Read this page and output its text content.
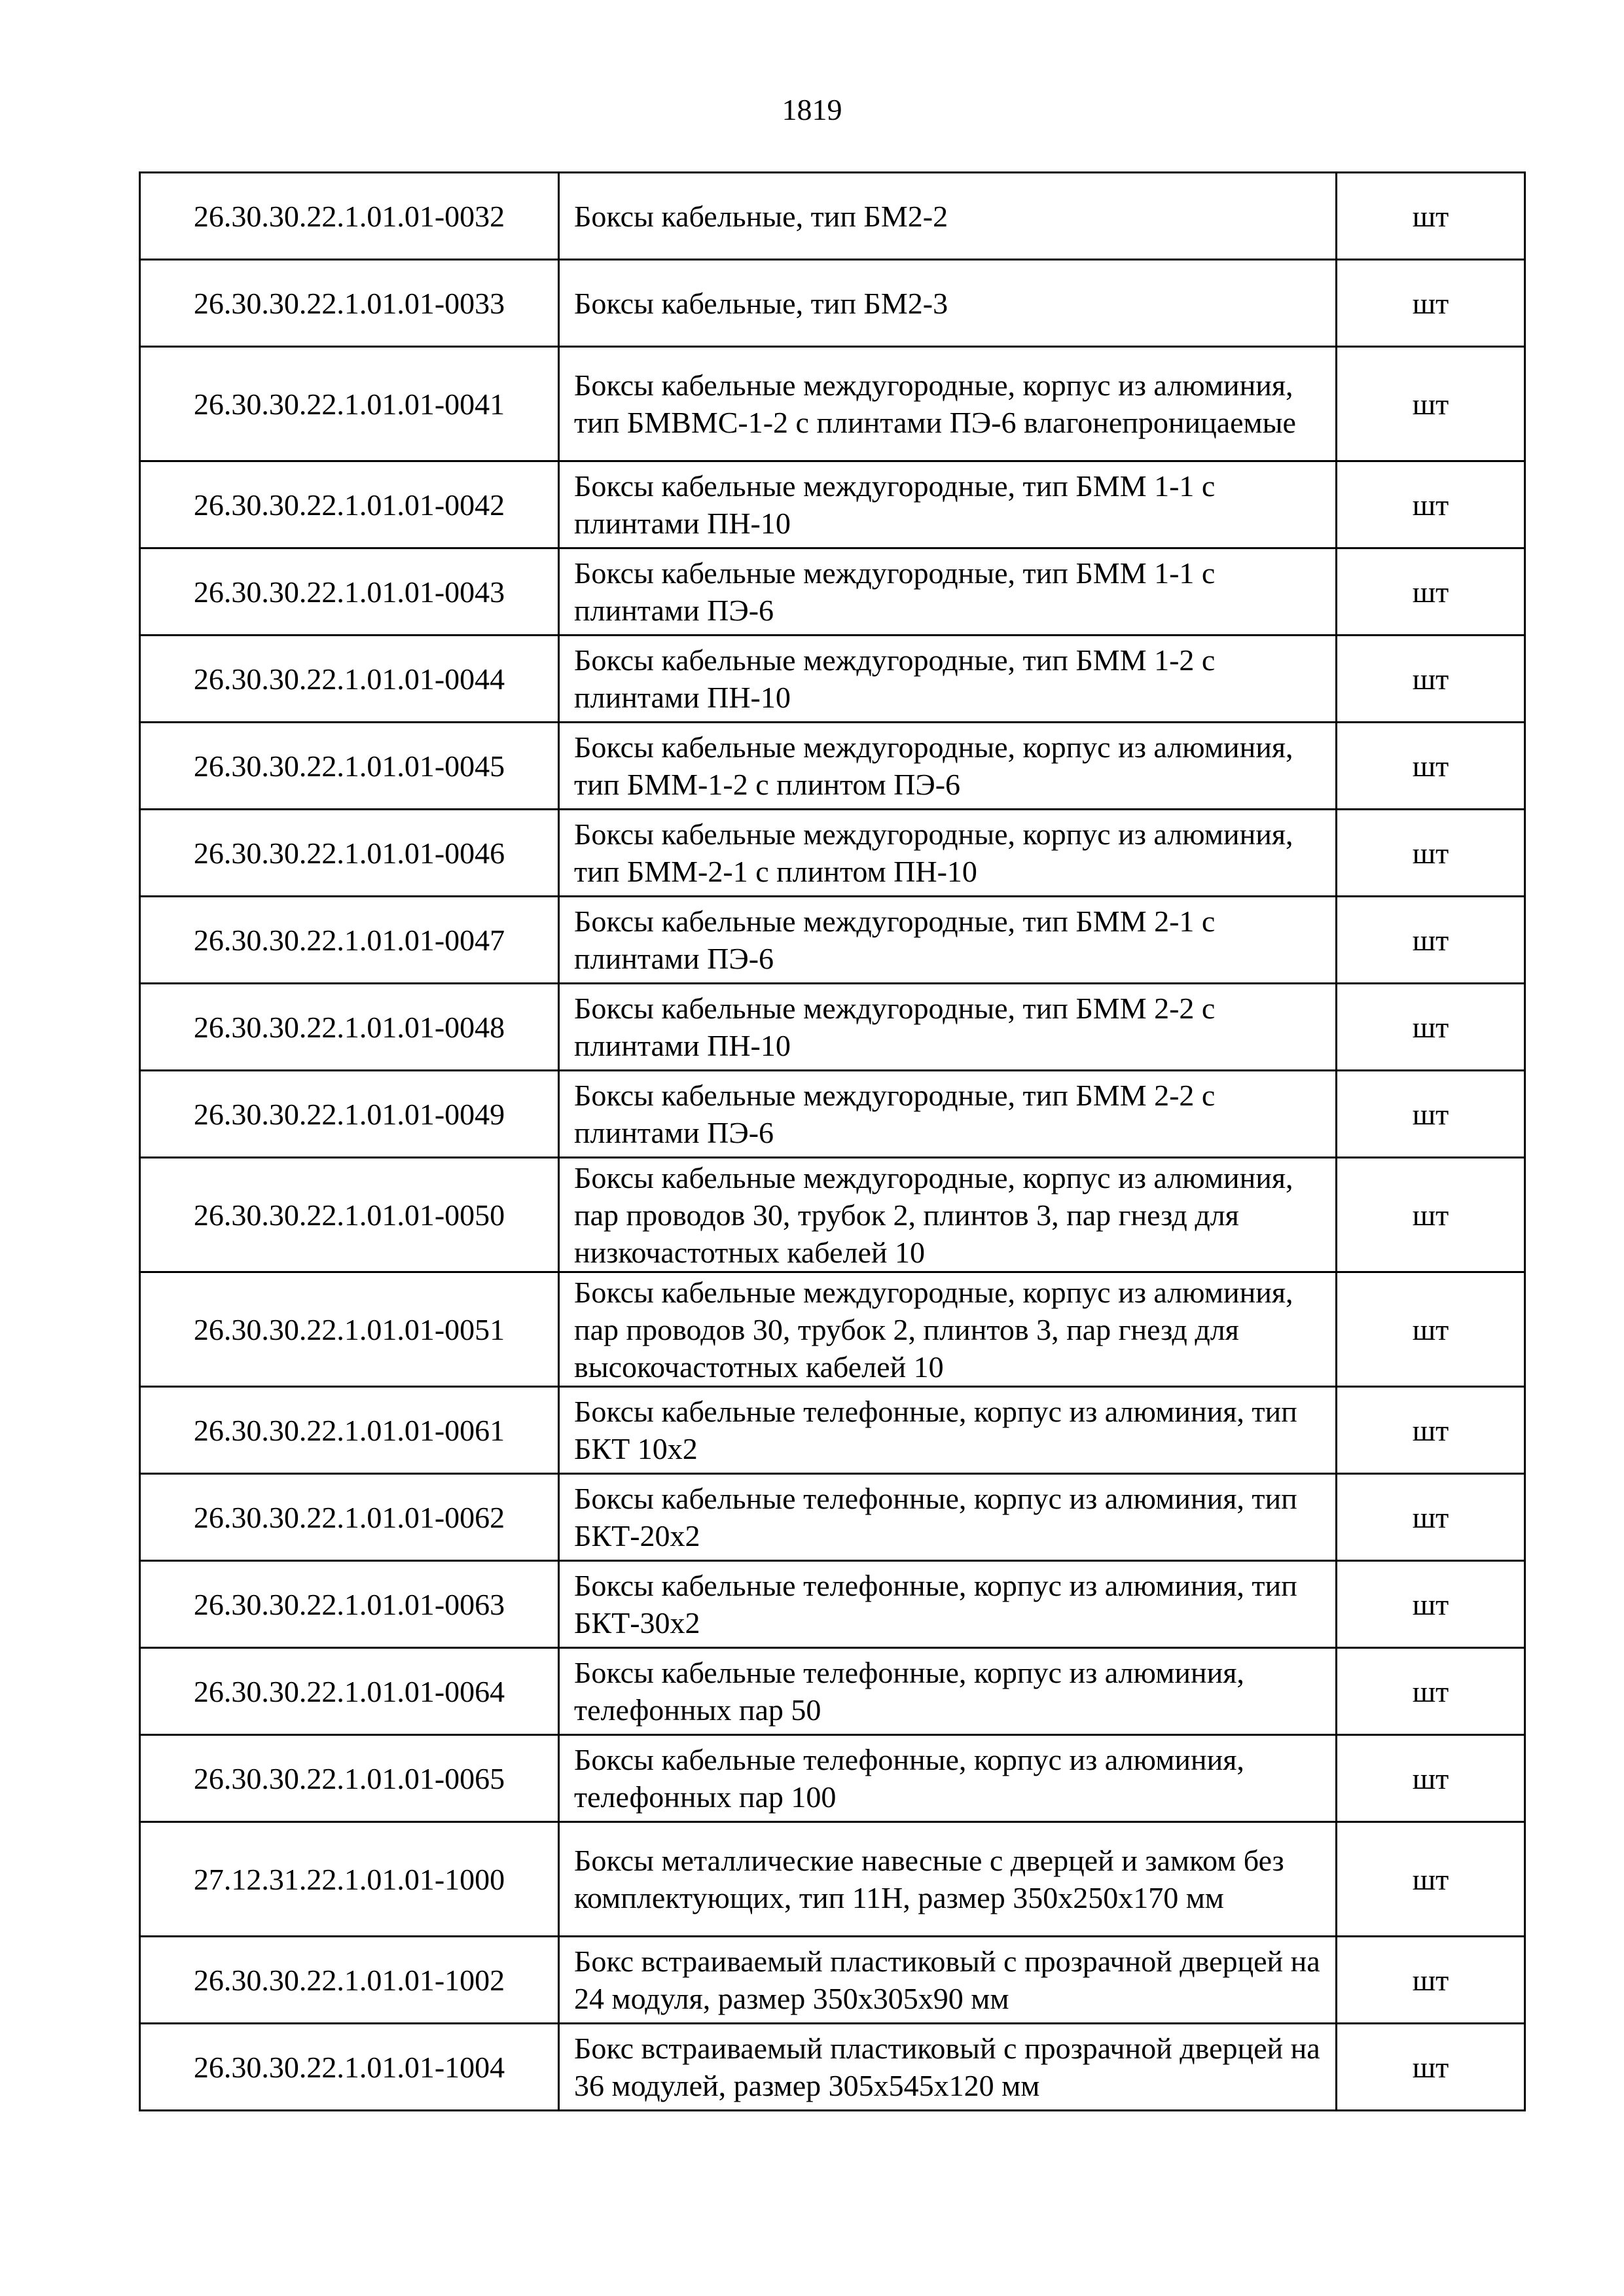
1819
26.30.30.22.1.01.01-0032	Боксы кабельные, тип БМ2-2	шт
26.30.30.22.1.01.01-0033	Боксы кабельные, тип БМ2-3	шт
26.30.30.22.1.01.01-0041	Боксы кабельные междугородные, корпус из алюминия, тип БМВМС-1-2 с плинтами ПЭ-6 влагонепроницаемые	шт
26.30.30.22.1.01.01-0042	Боксы кабельные междугородные, тип БММ 1-1 с плинтами ПН-10	шт
26.30.30.22.1.01.01-0043	Боксы кабельные междугородные, тип БММ 1-1 с плинтами ПЭ-6	шт
26.30.30.22.1.01.01-0044	Боксы кабельные междугородные, тип БММ 1-2 с плинтами ПН-10	шт
26.30.30.22.1.01.01-0045	Боксы кабельные междугородные, корпус из алюминия, тип БММ-1-2 с плинтом ПЭ-6	шт
26.30.30.22.1.01.01-0046	Боксы кабельные междугородные, корпус из алюминия, тип БММ-2-1 с плинтом ПН-10	шт
26.30.30.22.1.01.01-0047	Боксы кабельные междугородные, тип БММ 2-1 с плинтами ПЭ-6	шт
26.30.30.22.1.01.01-0048	Боксы кабельные междугородные, тип БММ 2-2 с плинтами ПН-10	шт
26.30.30.22.1.01.01-0049	Боксы кабельные междугородные, тип БММ 2-2 с плинтами ПЭ-6	шт
26.30.30.22.1.01.01-0050	Боксы кабельные междугородные, корпус из алюминия, пар проводов 30, трубок 2, плинтов 3, пар гнезд для низкочастотных кабелей 10	шт
26.30.30.22.1.01.01-0051	Боксы кабельные междугородные, корпус из алюминия, пар проводов 30, трубок 2, плинтов 3, пар гнезд для высокочастотных кабелей 10	шт
26.30.30.22.1.01.01-0061	Боксы кабельные телефонные, корпус из алюминия, тип БКТ 10х2	шт
26.30.30.22.1.01.01-0062	Боксы кабельные телефонные, корпус из алюминия, тип БКТ-20х2	шт
26.30.30.22.1.01.01-0063	Боксы кабельные телефонные, корпус из алюминия, тип БКТ-30х2	шт
26.30.30.22.1.01.01-0064	Боксы кабельные телефонные, корпус из алюминия, телефонных пар 50	шт
26.30.30.22.1.01.01-0065	Боксы кабельные телефонные, корпус из алюминия, телефонных пар 100	шт
27.12.31.22.1.01.01-1000	Боксы металлические навесные с дверцей и замком без комплектующих, тип 11Н, размер 350х250х170 мм	шт
26.30.30.22.1.01.01-1002	Бокс встраиваемый пластиковый с прозрачной дверцей на 24 модуля, размер 350х305х90 мм	шт
26.30.30.22.1.01.01-1004	Бокс встраиваемый пластиковый с прозрачной дверцей на 36 модулей, размер 305х545х120 мм	шт
